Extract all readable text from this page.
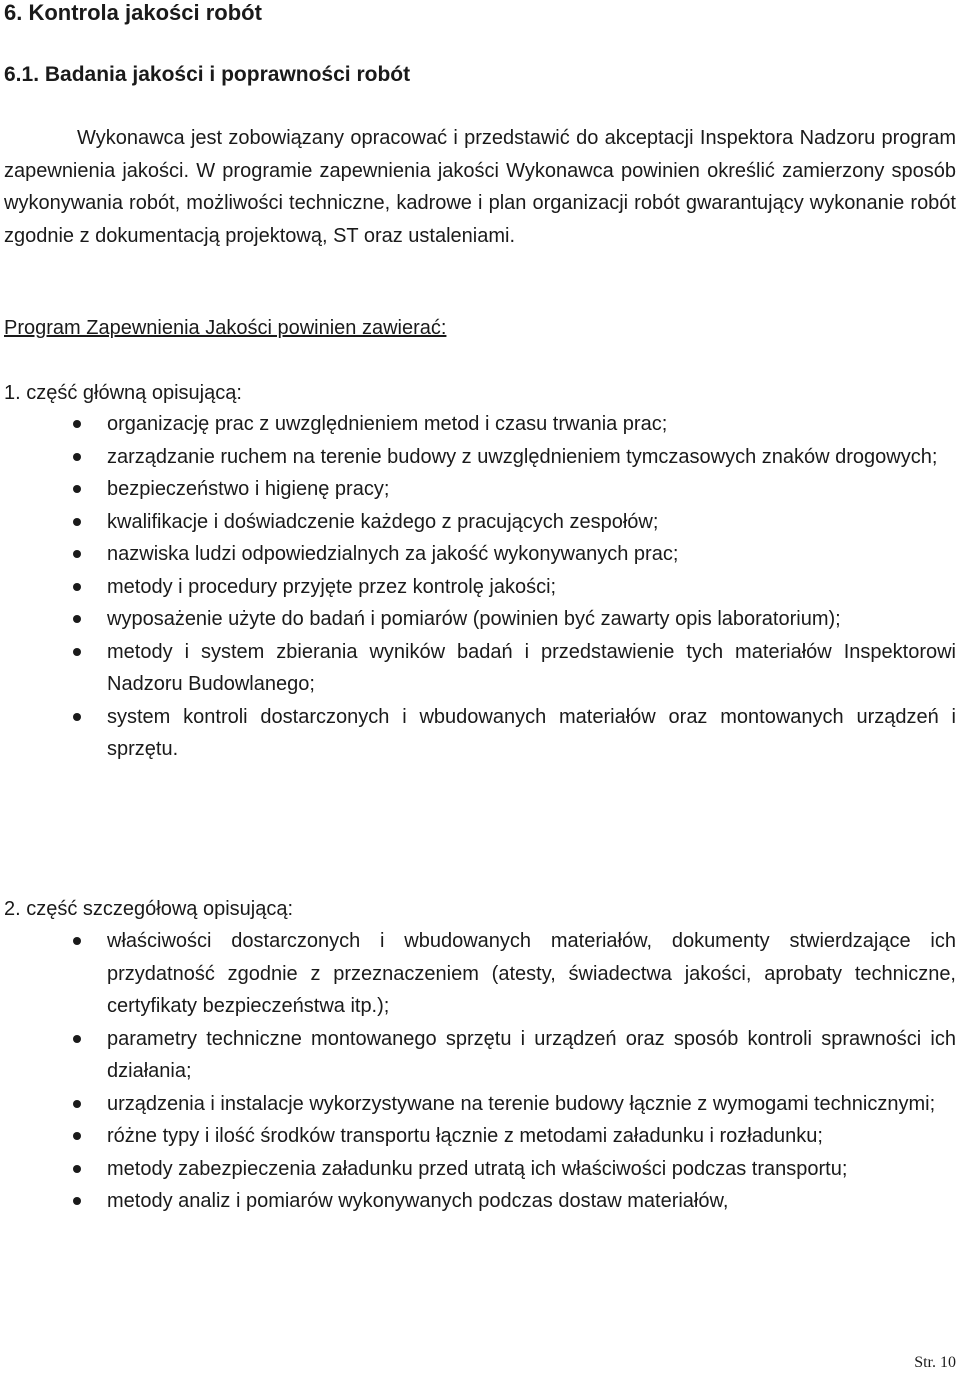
6. Kontrola jakości robót
6.1. Badania jakości i poprawności robót

Wykonawca jest zobowiązany opracować i przedstawić do akceptacji Inspektora Nadzoru program zapewnienia jakości. W programie zapewnienia jakości Wykonawca powinien określić zamierzony sposób wykonywania robót, możliwości techniczne, kadrowe i plan organizacji robót gwarantujący wykonanie robót zgodnie z dokumentacją projektową, ST oraz ustaleniami.

Program Zapewnienia Jakości powinien zawierać:

1. część główną opisującą:

organizację prac z uwzględnieniem metod i czasu trwania prac;
zarządzanie ruchem na terenie budowy z uwzględnieniem tymczasowych znaków drogowych;
bezpieczeństwo i higienę pracy;
kwalifikacje i doświadczenie każdego z pracujących zespołów;
nazwiska ludzi odpowiedzialnych za jakość wykonywanych prac;
metody i procedury przyjęte przez kontrolę jakości;
wyposażenie użyte do badań i pomiarów (powinien być zawarty opis laboratorium);
metody i system zbierania wyników badań i przedstawienie tych materiałów Inspektorowi Nadzoru Budowlanego;
system kontroli dostarczonych i wbudowanych materiałów oraz montowanych urządzeń i sprzętu.

2. część szczegółową opisującą:

właściwości dostarczonych i wbudowanych materiałów, dokumenty stwierdzające ich przydatność zgodnie z przeznaczeniem (atesty, świadectwa jakości, aprobaty techniczne, certyfikaty bezpieczeństwa itp.);
parametry techniczne montowanego sprzętu i urządzeń oraz sposób kontroli sprawności ich działania;
urządzenia i instalacje wykorzystywane na terenie budowy łącznie z wymogami technicznymi;
różne typy i ilość środków transportu łącznie z metodami załadunku i rozładunku;
metody zabezpieczenia załadunku przed utratą ich właściwości podczas transportu;
metody analiz i pomiarów wykonywanych podczas dostaw materiałów,
Str. 10
